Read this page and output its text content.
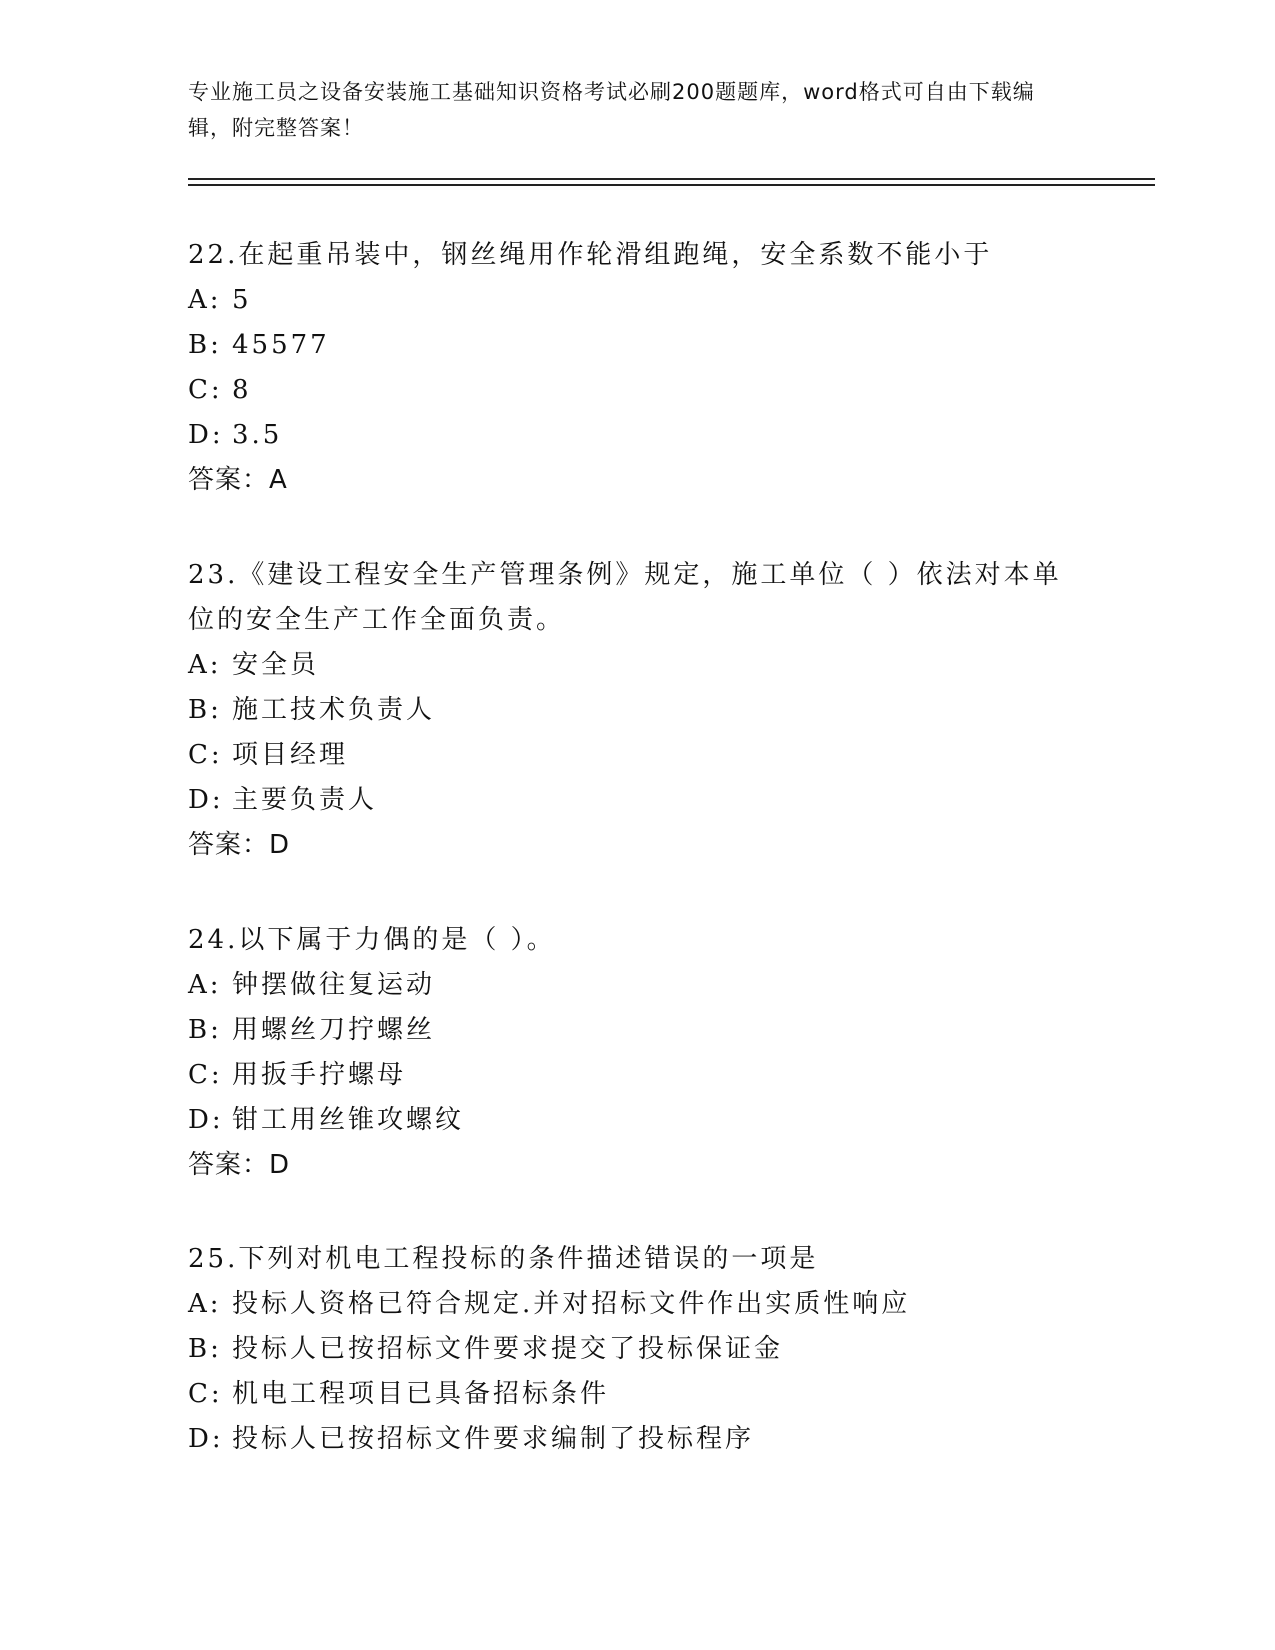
专业施工员之设备安装施工基础知识资格考试必刷200题题库，word格式可自由下载编辑，附完整答案！

22.在起重吊装中，钢丝绳用作轮滑组跑绳，安全系数不能小于

A: 5
B: 45577
C: 8
D: 3.5
答案：A

23.《建设工程安全生产管理条例》规定，施工单位（ ）依法对本单位的安全生产工作全面负责。

A: 安全员
B: 施工技术负责人
C: 项目经理
D: 主要负责人
答案：D

24.以下属于力偶的是（ ）。

A: 钟摆做往复运动
B: 用螺丝刀拧螺丝
C: 用扳手拧螺母
D: 钳工用丝锥攻螺纹
答案：D

25.下列对机电工程投标的条件描述错误的一项是

A: 投标人资格已符合规定.并对招标文件作出实质性响应
B: 投标人已按招标文件要求提交了投标保证金
C: 机电工程项目已具备招标条件
D: 投标人已按招标文件要求编制了投标程序
